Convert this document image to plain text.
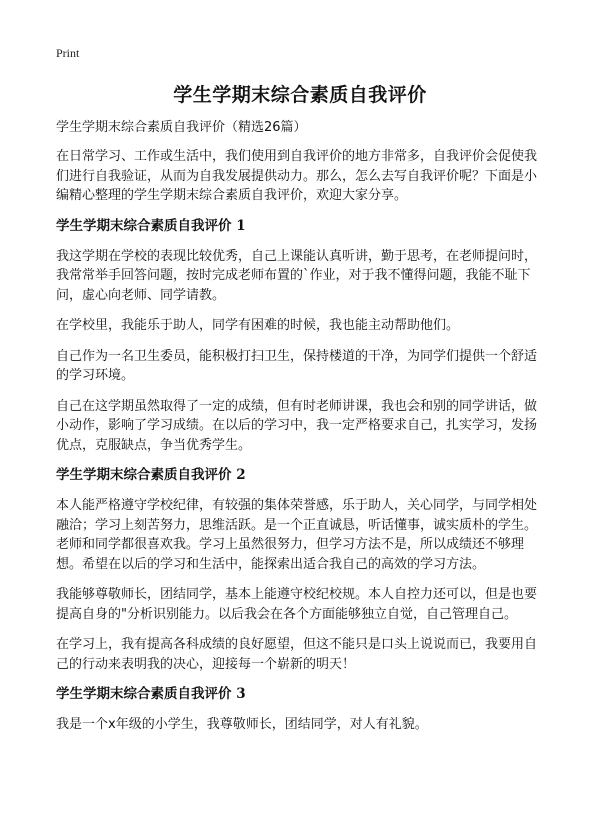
Print
学生学期末综合素质自我评价
学生学期末综合素质自我评价（精选26篇）

在日常学习、工作或生活中，我们使用到自我评价的地方非常多，自我评价会促使我们进行自我验证，从而为自我发展提供动力。那么，怎么去写自我评价呢？下面是小编精心整理的学生学期末综合素质自我评价，欢迎大家分享。

学生学期末综合素质自我评价 1

我这学期在学校的表现比较优秀，自己上课能认真听讲，勤于思考，在老师提问时，我常常举手回答问题，按时完成老师布置的`作业，对于我不懂得问题，我能不耻下问，虚心向老师、同学请教。

在学校里，我能乐于助人，同学有困难的时候，我也能主动帮助他们。

自己作为一名卫生委员，能积极打扫卫生，保持楼道的干净，为同学们提供一个舒适的学习环境。

自己在这学期虽然取得了一定的成绩，但有时老师讲课，我也会和别的同学讲话，做小动作，影响了学习成绩。在以后的学习中，我一定严格要求自己，扎实学习，发扬优点，克服缺点，争当优秀学生。

学生学期末综合素质自我评价 2

本人能严格遵守学校纪律，有较强的集体荣誉感，乐于助人，关心同学，与同学相处融洽；学习上刻苦努力，思维活跃。是一个正直诚恳，听话懂事，诚实质朴的学生。老师和同学都很喜欢我。学习上虽然很努力，但学习方法不是，所以成绩还不够理想。希望在以后的学习和生活中，能探索出适合我自己的高效的学习方法。

我能够尊敬师长，团结同学，基本上能遵守校纪校规。本人自控力还可以，但是也要提高自身的"分析识别能力。以后我会在各个方面能够独立自觉，自己管理自己。

在学习上，我有提高各科成绩的良好愿望，但这不能只是口头上说说而已，我要用自己的行动来表明我的决心，迎接每一个崭新的明天！

学生学期末综合素质自我评价 3

我是一个x年级的小学生，我尊敬师长，团结同学，对人有礼貌。
